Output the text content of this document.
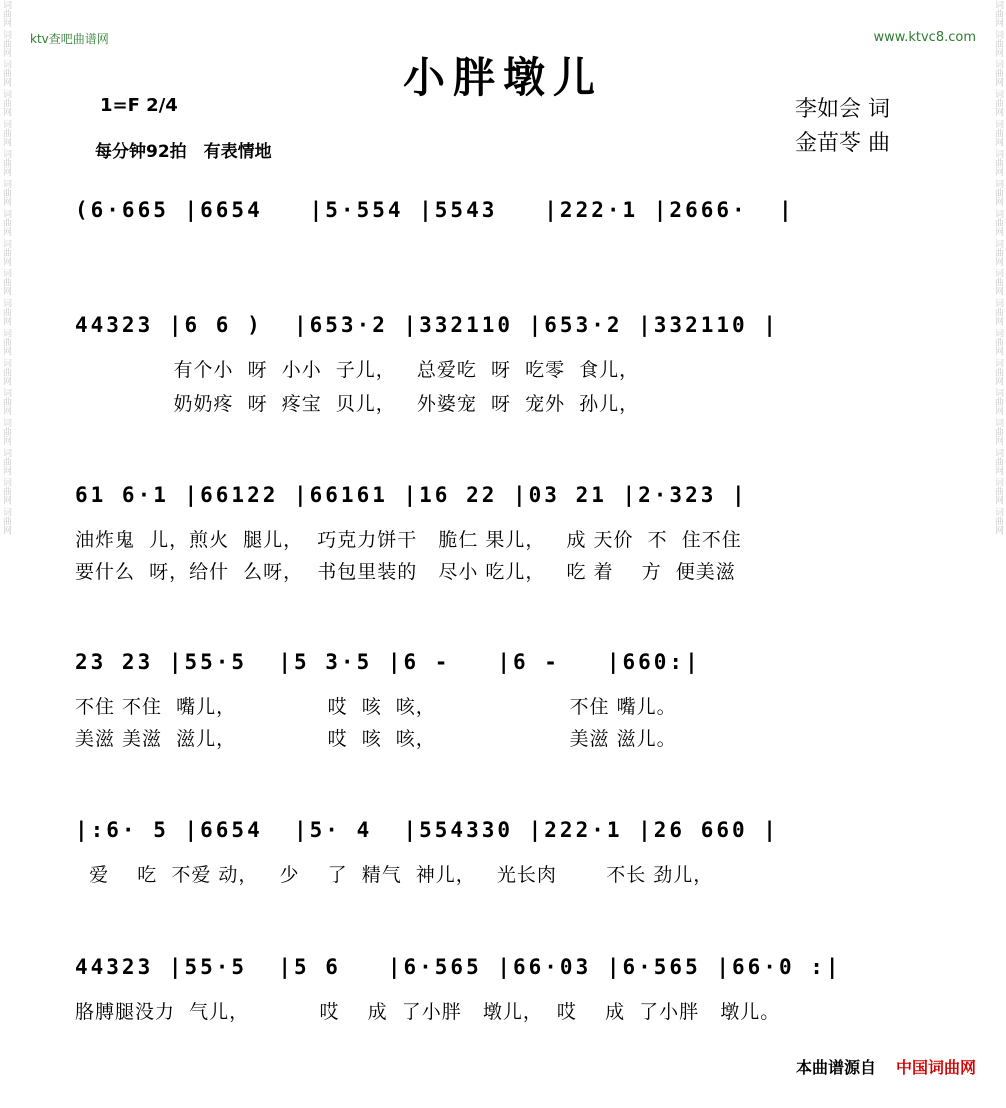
词曲网 词曲网 词曲网 词曲网 词曲网 词曲网 词曲网 词曲网 词曲网 词曲网 词曲网 词曲网 词曲网 词曲网 词曲网 词曲网 词曲网 词曲网	词曲网 词曲网 词曲网 词曲网 词曲网 词曲网 词曲网 词曲网 词曲网 词曲网 词曲网 词曲网 词曲网 词曲网 词曲网 词曲网 词曲网 词曲网
ktv查吧曲谱网	www.ktvc8.com
小胖墩儿
1=F 2/4
每分钟92拍　有表情地
李如会 词
金苗苓 曲
(6·665 |6654   |5·554 |5543   |222·1 |2666·  |
44323 |6 6 )  |653·2 |332110 |653·2 |332110 |
有个小  呀  小小  子儿，   总爱吃  呀  吃零  食儿，
奶奶疼  呀  疼宝  贝儿，   外婆宠  呀  宠外  孙儿，
61 6·1 |66122 |66161 |16 22 |03 21 |2·323 |
油炸鬼  儿，煎火  腿儿，  巧克力饼干   脆仁 果儿，   成 天价  不  住不住
要什么  呀，给什  么呀，  书包里装的   尽小 吃儿，   吃 着    方  便美滋
23 23 |55·5  |5 3·5 |6 -   |6 -   |660:|
不住 不住  嘴儿，             哎  咳  咳，                   不住 嘴儿。
美滋 美滋  滋儿，             哎  咳  咳，                   美滋 滋儿。
|:6· 5 |6654  |5· 4  |554330 |222·1 |26 660 |
爱    吃  不爱 动，   少    了  精气  神儿，   光长肉       不长 劲儿，
44323 |55·5  |5 6   |6·565 |66·03 |6·565 |66·0 :|
胳膊腿没力  气儿，          哎    成  了小胖   墩儿，  哎    成  了小胖   墩儿。
本曲谱源自 中国词曲网
